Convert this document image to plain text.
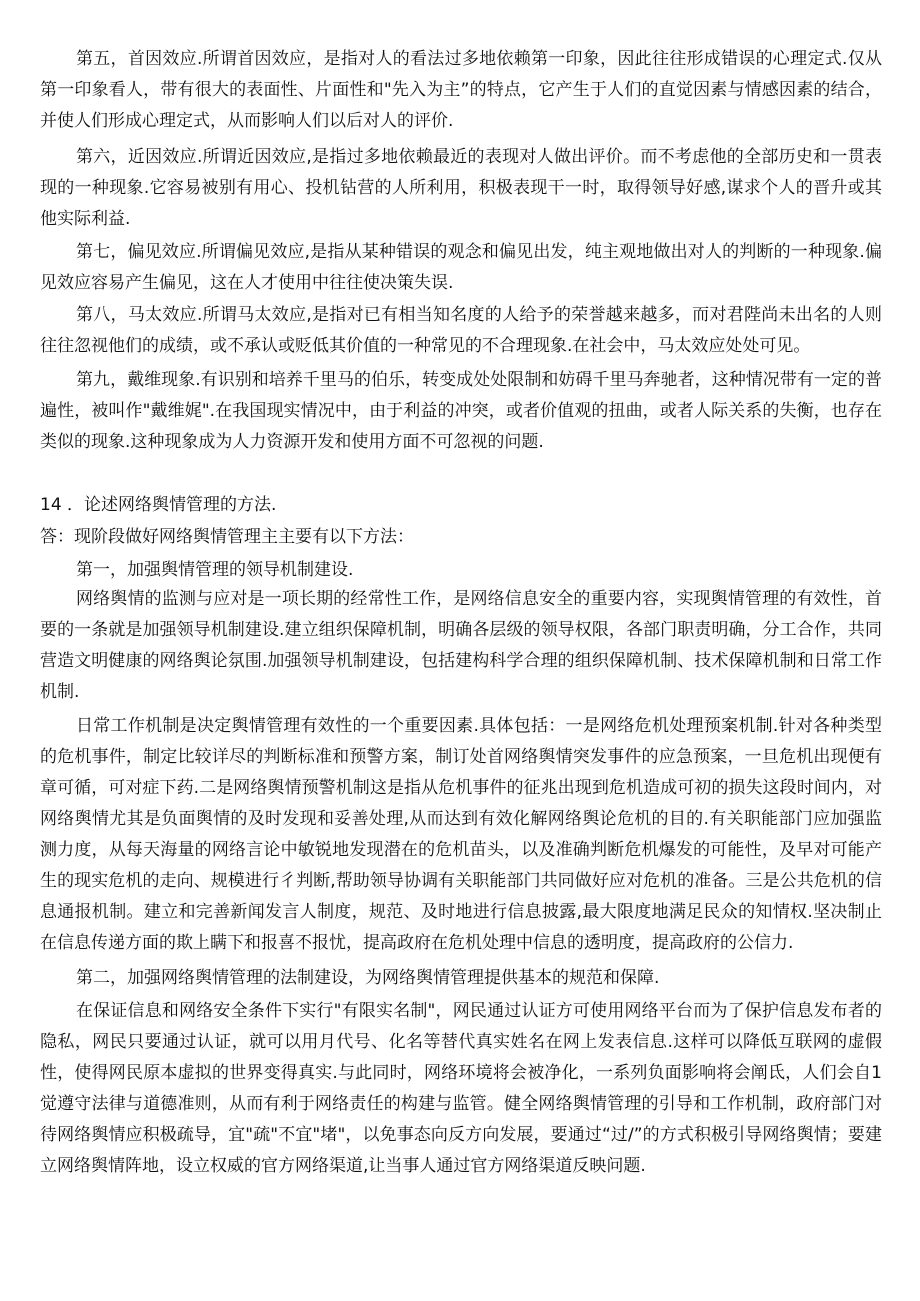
第五，首因效应.所谓首因效应，是指对人的看法过多地依赖第一印象，因此往往形成错误的心理定式.仅从第一印象看人，带有很大的表面性、片面性和"先入为主”的特点，它产生于人们的直觉因素与情感因素的结合，并使人们形成心理定式，从而影响人们以后对人的评价.

第六，近因效应.所谓近因效应,是指过多地依赖最近的表现对人做出评价。而不考虑他的全部历史和一贯表现的一种现象.它容易被别有用心、投机钻营的人所利用，积极表现干一时，取得领导好感,谋求个人的晋升或其他实际利益.

第七，偏见效应.所谓偏见效应,是指从某种错误的观念和偏见出发，纯主观地做出对人的判断的一种现象.偏见效应容易产生偏见，这在人才使用中往往使决策失误.

第八，马太效应.所谓马太效应,是指对已有相当知名度的人给予的荣誉越来越多，而对君陛尚未出名的人则往往忽视他们的成绩，或不承认或贬低其价值的一种常见的不合理现象.在社会中，马太效应处处可见。

第九，戴维现象.有识别和培养千里马的伯乐，转变成处处限制和妨碍千里马奔驰者，这种情况带有一定的普遍性，被叫作"戴维娓".在我国现实情况中，由于利益的冲突，或者价值观的扭曲，或者人际关系的失衡，也存在类似的现象.这种现象成为人力资源开发和使用方面不可忽视的问题.

14 ．论述网络舆情管理的方法.

答：现阶段做好网络舆情管理主主要有以下方法：

第一，加强舆情管理的领导机制建设.

网络舆情的监测与应对是一项长期的经常性工作，是网络信息安全的重要内容，实现舆情管理的有效性，首要的一条就是加强领导机制建设.建立组织保障机制，明确各层级的领导权限，各部门职责明确，分工合作，共同营造文明健康的网络舆论氛围.加强领导机制建设，包括建构科学合理的组织保障机制、技术保障机制和日常工作机制.

日常工作机制是决定舆情管理有效性的一个重要因素.具体包括：一是网络危机处理预案机制.针对各种类型的危机事件，制定比较详尽的判断标准和预警方案，制订处首网络舆情突发事件的应急预案，一旦危机出现便有章可循，可对症下药.二是网络舆情预警机制这是指从危机事件的征兆出现到危机造成可初的损失这段时间内，对网络舆情尤其是负面舆情的及时发现和妥善处理,从而达到有效化解网络舆论危机的目的.有关职能部门应加强监测力度，从每天海量的网络言论中敏锐地发现潜在的危机苗头，以及准确判断危机爆发的可能性，及早对可能产生的现实危机的走向、规模进行彳判断,帮助领导协调有关职能部门共同做好应对危机的准备。三是公共危机的信息通报机制。建立和完善新闻发言人制度，规范、及时地进行信息披露,最大限度地满足民众的知情权.坚决制止在信息传递方面的欺上瞒下和报喜不报忧，提高政府在危机处理中信息的透明度，提高政府的公信力.

第二，加强网络舆情管理的法制建设，为网络舆情管理提供基本的规范和保障.

在保证信息和网络安全条件下实行"有限实名制"，网民通过认证方可使用网络平台而为了保护信息发布者的隐私，网民只要通过认证，就可以用月代号、化名等替代真实姓名在网上发表信息.这样可以降低互联网的虚假性，使得网民原本虚拟的世界变得真实.与此同时，网络环境将会被净化，一系列负面影响将会阐氐，人们会自1觉遵守法律与道德准则，从而有利于网络责任的构建与监管。健全网络舆情管理的引导和工作机制，政府部门对待网络舆情应积极疏导，宜"疏"不宜"堵"，以免事态向反方向发展，要通过“过/”的方式积极引导网络舆情；要建立网络舆情阵地，设立权威的官方网络渠道,让当事人通过官方网络渠道反映问题.
